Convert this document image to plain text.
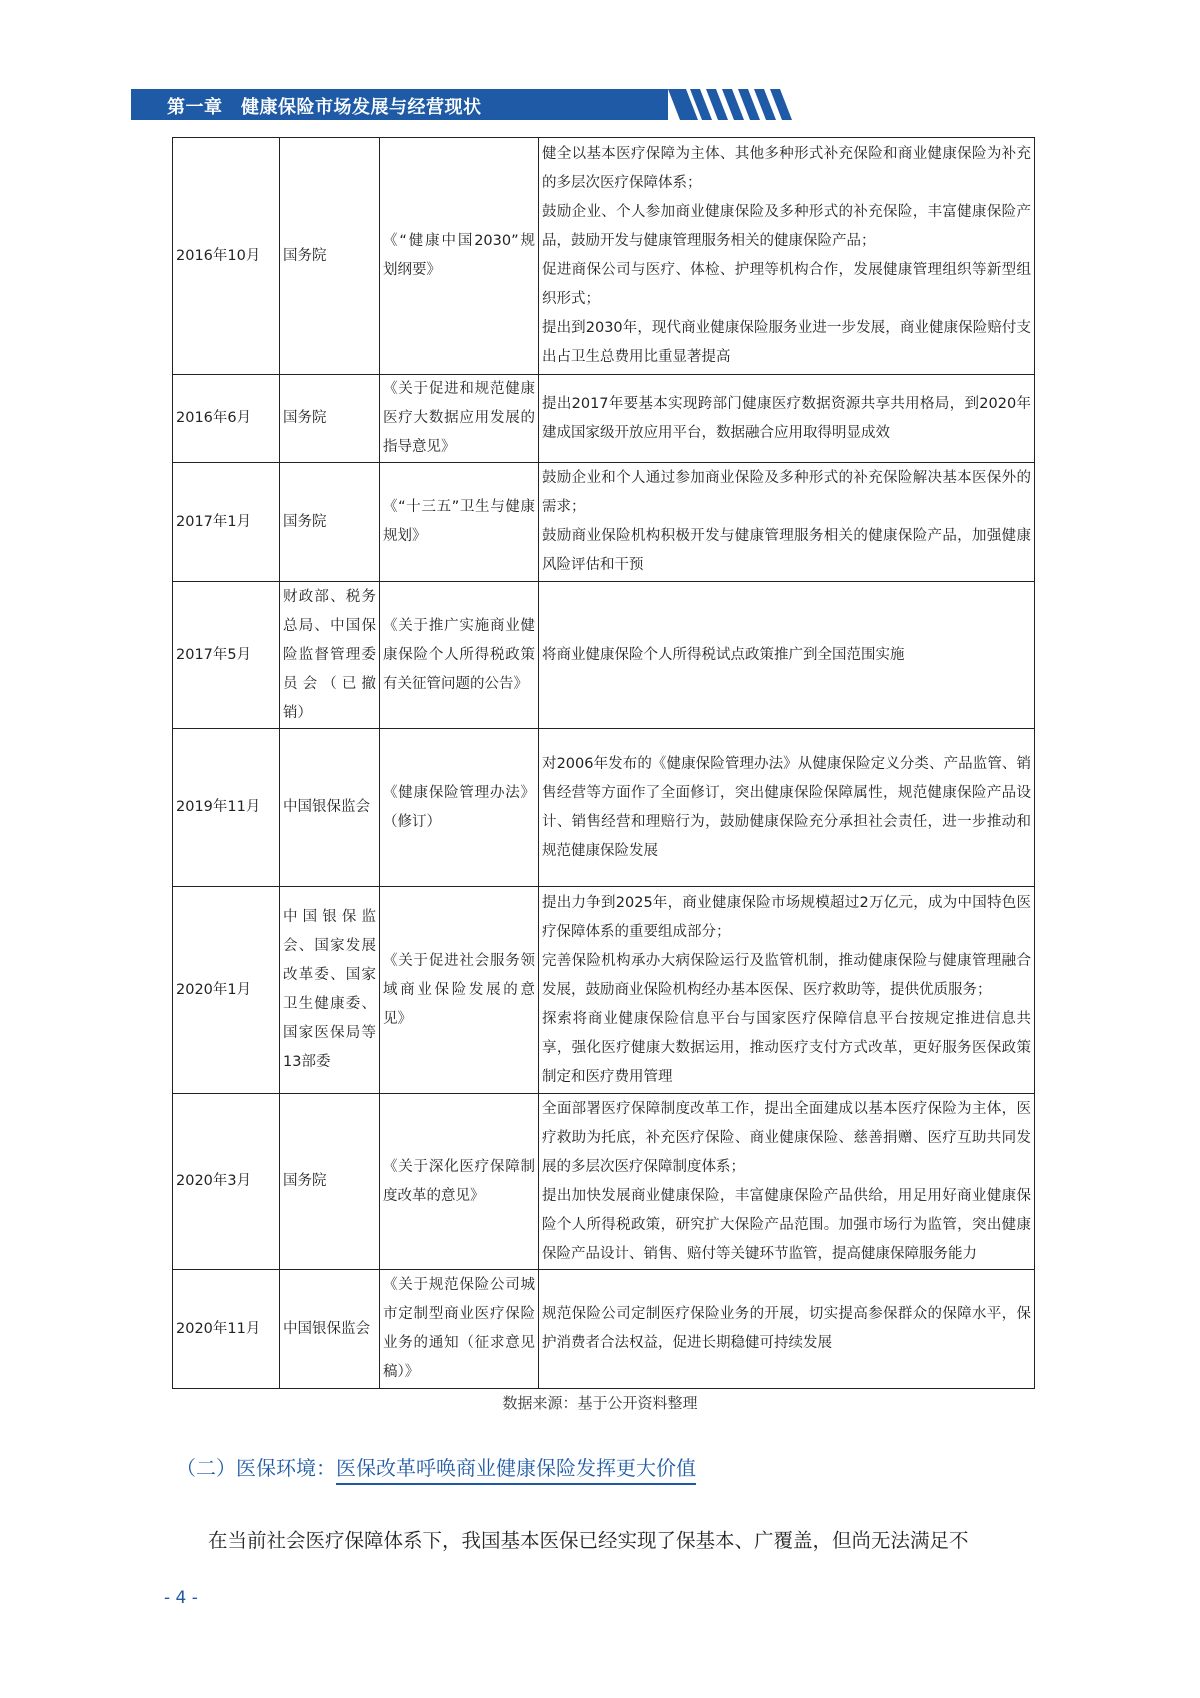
第一章　健康保险市场发展与经营现状
2016年10月	国务院	《“健康中国2030”规划纲要》	健全以基本医疗保障为主体、其他多种形式补充保险和商业健康保险为补充的多层次医疗保障体系；
鼓励企业、个人参加商业健康保险及多种形式的补充保险，丰富健康保险产品，鼓励开发与健康管理服务相关的健康保险产品；
促进商保公司与医疗、体检、护理等机构合作，发展健康管理组织等新型组织形式；
提出到2030年，现代商业健康保险服务业进一步发展，商业健康保险赔付支出占卫生总费用比重显著提高

2016年6月	国务院	《关于促进和规范健康医疗大数据应用发展的指导意见》	提出2017年要基本实现跨部门健康医疗数据资源共享共用格局，到2020年建成国家级开放应用平台，数据融合应用取得明显成效

2017年1月	国务院	《“十三五”卫生与健康规划》	鼓励企业和个人通过参加商业保险及多种形式的补充保险解决基本医保外的需求；
鼓励商业保险机构积极开发与健康管理服务相关的健康保险产品，加强健康风险评估和干预

2017年5月	财政部、税务总局、中国保险监督管理委员会（已撤销）	《关于推广实施商业健康保险个人所得税政策有关征管问题的公告》	将商业健康保险个人所得税试点政策推广到全国范围实施

2019年11月	中国银保监会	《健康保险管理办法》（修订）	对2006年发布的《健康保险管理办法》从健康保险定义分类、产品监管、销售经营等方面作了全面修订，突出健康保险保障属性，规范健康保险产品设计、销售经营和理赔行为，鼓励健康保险充分承担社会责任，进一步推动和规范健康保险发展

2020年1月	中国银保监会、国家发展改革委、国家卫生健康委、国家医保局等13部委	《关于促进社会服务领域商业保险发展的意见》	提出力争到2025年，商业健康保险市场规模超过2万亿元，成为中国特色医疗保障体系的重要组成部分；
完善保险机构承办大病保险运行及监管机制，推动健康保险与健康管理融合发展，鼓励商业保险机构经办基本医保、医疗救助等，提供优质服务；
探索将商业健康保险信息平台与国家医疗保障信息平台按规定推进信息共享，强化医疗健康大数据运用，推动医疗支付方式改革，更好服务医保政策制定和医疗费用管理

2020年3月	国务院	《关于深化医疗保障制度改革的意见》	全面部署医疗保障制度改革工作，提出全面建成以基本医疗保险为主体，医疗救助为托底，补充医疗保险、商业健康保险、慈善捐赠、医疗互助共同发展的多层次医疗保障制度体系；
提出加快发展商业健康保险，丰富健康保险产品供给，用足用好商业健康保险个人所得税政策，研究扩大保险产品范围。加强市场行为监管，突出健康保险产品设计、销售、赔付等关键环节监管，提高健康保障服务能力

2020年11月	中国银保监会	《关于规范保险公司城市定制型商业医疗保险业务的通知（征求意见稿）》	规范保险公司定制医疗保险业务的开展，切实提高参保群众的保障水平，保护消费者合法权益，促进长期稳健可持续发展
数据来源：基于公开资料整理
（二）医保环境：医保改革呼唤商业健康保险发挥更大价值
在当前社会医疗保障体系下，我国基本医保已经实现了保基本、广覆盖，但尚无法满足不
- 4 -
